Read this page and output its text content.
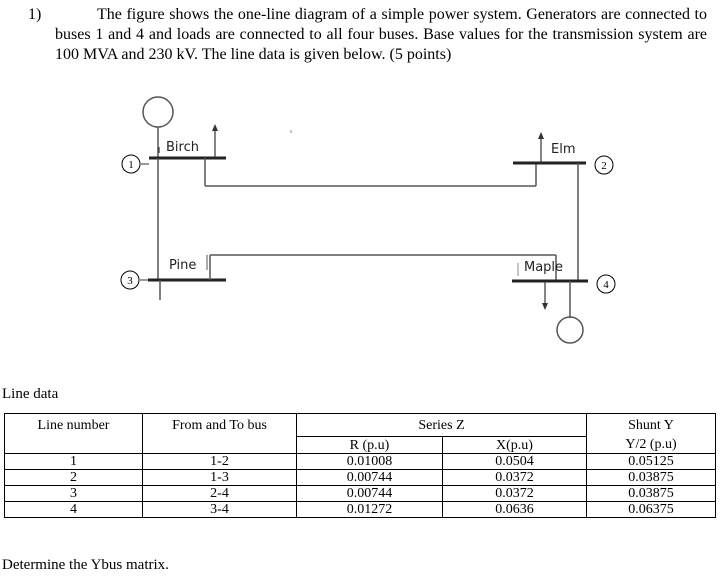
1)	The figure shows the one-line diagram of a simple power system. Generators are connected to buses 1 and 4 and loads are connected to all four buses. Base values for the transmission system are 100 MVA and 230 kV. The line data is given below. (5 points)
Birch	Elm
Pine	Maple
1	2
3	4
Line data
Line number	From and To bus	Series Z		Shunt Y
		R (p.u)	X(p.u)	Y/2 (p.u)
1	1-2	0.01008	0.0504	0.05125
2	1-3	0.00744	0.0372	0.03875
3	2-4	0.00744	0.0372	0.03875
4	3-4	0.01272	0.0636	0.06375
Determine the Ybus matrix.
